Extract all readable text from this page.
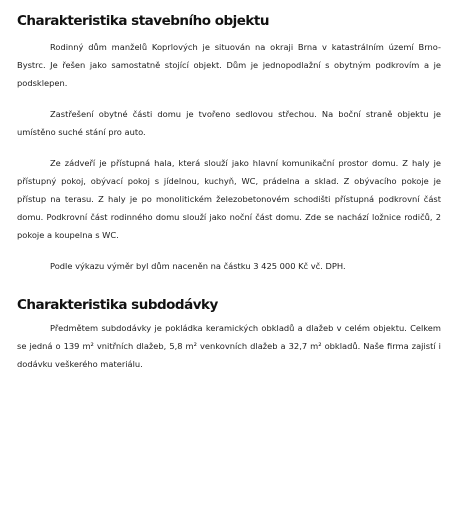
Charakteristika stavebního objektu

Rodinný dům manželů Koprlových je situován na okraji Brna v katastrálním území Brno-Bystrc. Je řešen jako samostatně stojící objekt. Dům je jednopodlažní s obytným podkrovím a je podsklepen.

Zastřešení obytné části domu je tvořeno sedlovou střechou. Na boční straně objektu je umístěno suché stání pro auto.

Ze zádveří je přístupná hala, která slouží jako hlavní komunikační prostor domu. Z haly je přístupný pokoj, obývací pokoj s jídelnou, kuchyň, WC, prádelna a sklad. Z obývacího pokoje je přístup na terasu. Z haly je po monolitickém železobetonovém schodišti přístupná podkrovní část domu. Podkrovní část rodinného domu slouží jako noční část domu. Zde se nachází ložnice rodičů, 2 pokoje a koupelna s WC.

Podle výkazu výměr byl dům naceněn na částku 3 425 000 Kč vč. DPH.

Charakteristika subdodávky

Předmětem subdodávky je pokládka keramických obkladů a dlažeb v celém objektu. Celkem se jedná o 139 m² vnitřních dlažeb, 5,8 m² venkovních dlažeb a 32,7 m² obkladů. Naše firma zajistí i dodávku veškerého materiálu.
